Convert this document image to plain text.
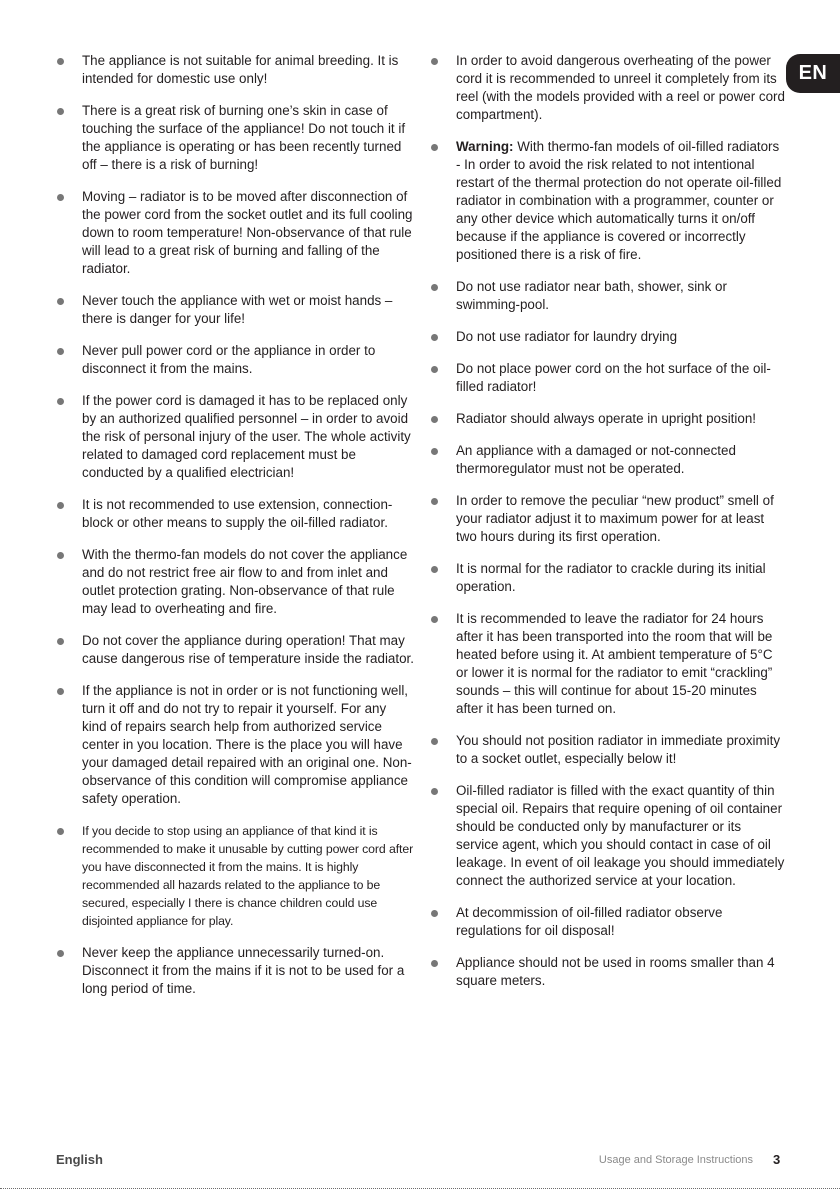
EN
The appliance is not suitable for animal breeding. It is intended for domestic use only!
There is a great risk of burning one’s skin in case of touching the surface of the appliance! Do not touch it if the appliance is operating or has been recently turned off – there is a risk of burning!
Moving – radiator is to be moved after disconnection of the power cord from the socket outlet and its full cooling down to room temperature! Non-observance of that rule will lead to a great risk of burning and falling of the radiator.
Never touch the appliance with wet or moist hands – there is danger for your life!
Never pull power cord or the appliance in order to disconnect it from the mains.
If the power cord is damaged it has to be replaced only by an authorized qualified personnel – in order to avoid the risk of personal injury of the user. The whole activity related to damaged cord replacement must be conducted by a qualified electrician!
It is not recommended to use extension, connection-block or other means to supply the oil-filled radiator.
With the thermo-fan models do not cover the appliance and do not restrict free air flow to and from inlet and outlet protection grating. Non-observance of that rule may lead to overheating and fire.
Do not cover the appliance during operation! That may cause dangerous rise of temperature inside the radiator.
If the appliance is not in order or is not functioning well, turn it off and do not try to repair it yourself. For any kind of repairs search help from authorized service center in you location. There is the place you will have your damaged detail repaired with an original one. Non-observance of this condition will compromise appliance safety operation.
If you decide to stop using an appliance of that kind it is recommended to make it unusable by cutting power cord after you have disconnected it from the mains. It is highly recommended all hazards related to the appliance to be secured, especially I there is chance children could use disjointed appliance for play.
Never keep the appliance unnecessarily turned-on. Disconnect it from the mains if it is not to be used for a long period of time.
In order to avoid dangerous overheating of the power cord it is recommended to unreel it completely from its reel (with the models provided with a reel or power cord compartment).
Warning: With thermo-fan models of oil-filled radiators - In order to avoid the risk related to not intentional restart of the thermal protection do not operate oil-filled radiator in combination with a programmer, counter or any other device which automatically turns it on/off because if the appliance is covered or incorrectly positioned there is a risk of fire.
Do not use radiator near bath, shower, sink or swimming-pool.
Do not use radiator for laundry drying
Do not place power cord on the hot surface of the oil-filled radiator!
Radiator should always operate in upright position!
An appliance with a damaged or not-connected thermoregulator must not be operated.
In order to remove the peculiar “new product” smell of your radiator adjust it to maximum power for at least two hours during its first operation.
It is normal for the radiator to crackle during its initial operation.
It is recommended to leave the radiator for 24 hours after it has been transported into the room that will be heated before using it. At ambient temperature of 5°C or lower it is normal for the radiator to emit “crackling” sounds – this will continue for about 15-20 minutes after it has been turned on.
You should not position radiator in immediate proximity to a socket outlet, especially below it!
Oil-filled radiator is filled with the exact quantity of thin special oil. Repairs that require opening of oil container should be conducted only by manufacturer or its service agent, which you should contact in case of oil leakage. In event of oil leakage you should immediately connect the authorized service at your location.
At decommission of oil-filled radiator observe regulations for oil disposal!
Appliance should not be used in rooms smaller than 4 square meters.
English	Usage and Storage Instructions 3
